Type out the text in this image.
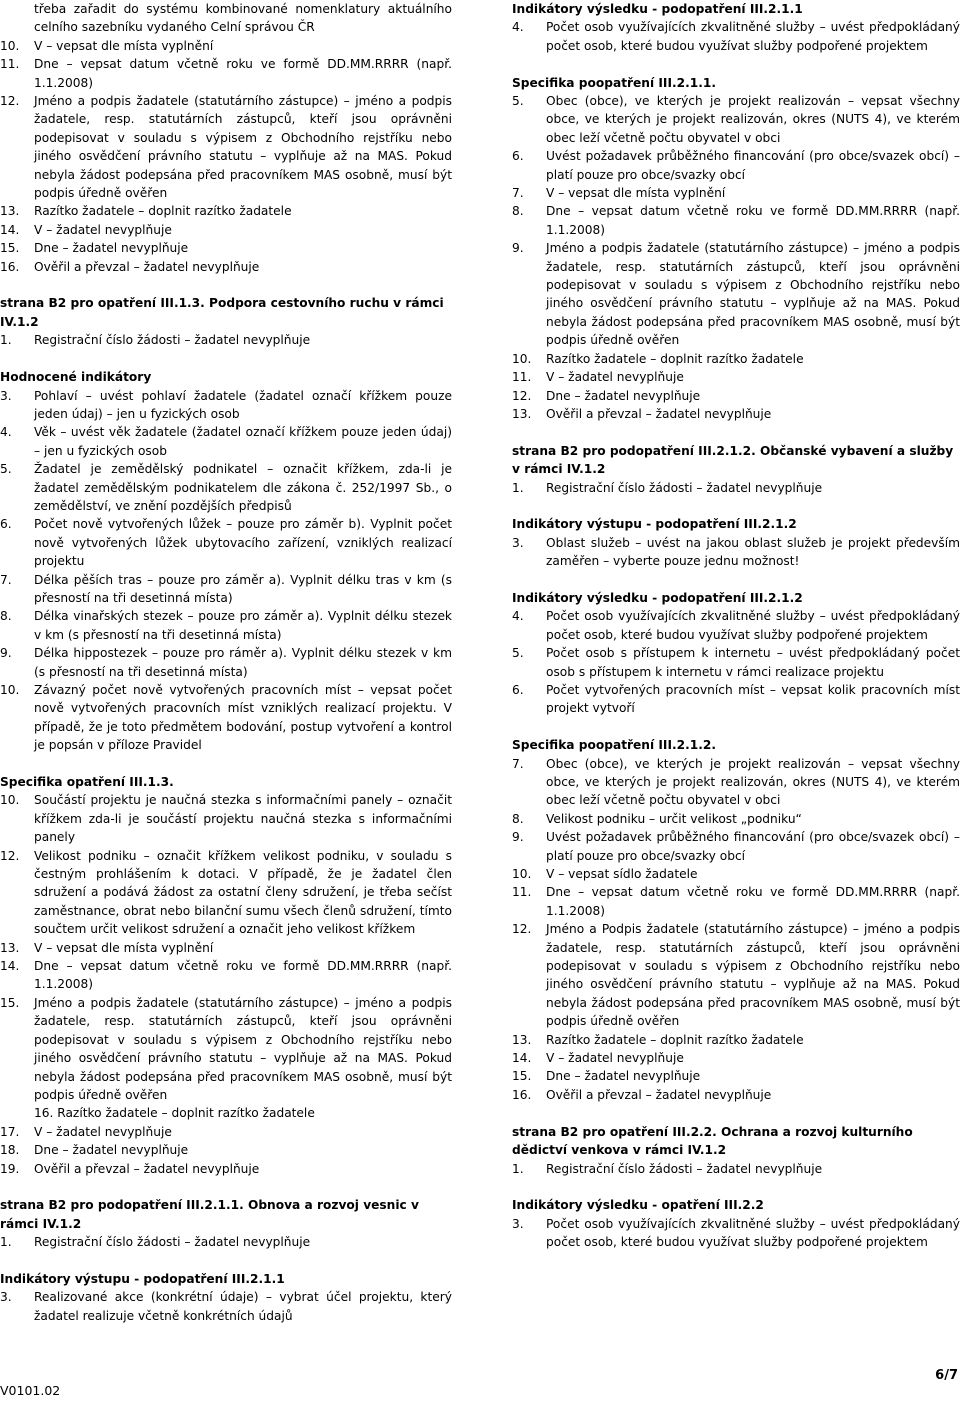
třeba zařadit do systému kombinované nomenklatury aktuálního celního sazebníku vydaného Celní správou ČR
10.	V – vepsat dle místa vyplnění
11.	Dne – vepsat datum včetně roku ve formě DD.MM.RRRR (např. 1.1.2008)
12.	Jméno a podpis žadatele (statutárního zástupce) – jméno a podpis žadatele, resp. statutárních zástupců, kteří jsou oprávněni podepisovat v souladu s výpisem z Obchodního rejstříku nebo jiného osvědčení právního statutu – vyplňuje až na MAS. Pokud nebyla žádost podepsána před pracovníkem MAS osobně, musí být podpis úředně ověřen
13.	Razítko žadatele – doplnit razítko žadatele
14.	V – žadatel nevyplňuje
15.	Dne – žadatel nevyplňuje
16.	Ověřil a převzal – žadatel nevyplňuje
strana B2 pro opatření III.1.3. Podpora cestovního ruchu v rámci IV.1.2
1.	Registrační číslo žádosti – žadatel nevyplňuje
Hodnocené indikátory
3.	Pohlaví – uvést pohlaví žadatele (žadatel označí křížkem pouze jeden údaj) – jen u fyzických osob
4.	Věk – uvést věk žadatele (žadatel označí křížkem pouze jeden údaj) – jen u fyzických osob
5.	Žadatel je zemědělský podnikatel – označit křížkem, zda-li je žadatel zemědělským podnikatelem dle zákona č. 252/1997 Sb., o zemědělství, ve znění pozdějších předpisů
6.	Počet nově vytvořených lůžek – pouze pro záměr b). Vyplnit počet nově vytvořených lůžek ubytovacího zařízení, vzniklých realizací projektu
7.	Délka pěších tras – pouze pro záměr a). Vyplnit délku tras v km (s přesností na tři desetinná místa)
8.	Délka vinařských stezek – pouze pro záměr a). Vyplnit délku stezek v km (s přesností na tři desetinná místa)
9.	Délka hippostezek – pouze pro ráměr a). Vyplnit délku stezek v km (s přesností na tři desetinná místa)
10.	Závazný počet nově vytvořených pracovních míst – vepsat počet nově vytvořených pracovních míst vzniklých realizací projektu. V případě, že je toto předmětem bodování, postup vytvoření a kontrol je popsán v příloze Pravidel
Specifika opatření III.1.3.
10.	Součástí projektu je naučná stezka s informačními panely – označit křížkem zda-li je součástí projektu naučná stezka s informačními panely
12.	Velikost podniku – označit křížkem velikost podniku, v souladu s čestným prohlášením k dotaci. V případě, že je žadatel člen sdružení a podává žádost za ostatní členy sdružení, je třeba sečíst zaměstnance, obrat nebo bilanční sumu všech členů sdružení, tímto součtem určit velikost sdružení a označit jeho velikost křížkem
13.	V – vepsat dle místa vyplnění
14.	Dne – vepsat datum včetně roku ve formě DD.MM.RRRR (např. 1.1.2008)
15.	Jméno a podpis žadatele (statutárního zástupce) – jméno a podpis žadatele, resp. statutárních zástupců, kteří jsou oprávněni podepisovat v souladu s výpisem z Obchodního rejstříku nebo jiného osvědčení právního statutu – vyplňuje až na MAS. Pokud nebyla žádost podepsána před pracovníkem MAS osobně, musí být podpis úředně ověřen
16. Razítko žadatele – doplnit razítko žadatele
17.	V – žadatel nevyplňuje
18.	Dne – žadatel nevyplňuje
19.	Ověřil a převzal – žadatel nevyplňuje
strana B2 pro podopatření III.2.1.1. Obnova a rozvoj vesnic v rámci IV.1.2
1.	Registrační číslo žádosti – žadatel nevyplňuje
Indikátory výstupu - podopatření III.2.1.1
3.	Realizované akce (konkrétní údaje) – vybrat účel projektu, který žadatel realizuje včetně konkrétních údajů
Indikátory výsledku - podopatření III.2.1.1
4.	Počet osob využívajících zkvalitněné služby – uvést předpokládaný počet osob, které budou využívat služby podpořené projektem
Specifika poopatření III.2.1.1.
5.	Obec (obce), ve kterých je projekt realizován – vepsat všechny obce, ve kterých je projekt realizován, okres (NUTS 4), ve kterém obec leží včetně počtu obyvatel v obci
6.	Uvést požadavek průběžného financování (pro obce/svazek obcí) – platí pouze pro obce/svazky obcí
7.	V – vepsat dle místa vyplnění
8.	Dne – vepsat datum včetně roku ve formě DD.MM.RRRR (např. 1.1.2008)
9.	Jméno a podpis žadatele (statutárního zástupce) – jméno a podpis žadatele, resp. statutárních zástupců, kteří jsou oprávněni podepisovat v souladu s výpisem z Obchodního rejstříku nebo jiného osvědčení právního statutu – vyplňuje až na MAS. Pokud nebyla žádost podepsána před pracovníkem MAS osobně, musí být podpis úředně ověřen
10.	Razítko žadatele – doplnit razítko žadatele
11.	V – žadatel nevyplňuje
12.	Dne – žadatel nevyplňuje
13.	Ověřil a převzal – žadatel nevyplňuje
strana B2 pro podopatření III.2.1.2. Občanské vybavení a služby v rámci IV.1.2
1.	Registrační číslo žádosti – žadatel nevyplňuje
Indikátory výstupu - podopatření III.2.1.2
3.	Oblast služeb – uvést na jakou oblast služeb je projekt především zaměřen – vyberte pouze jednu možnost!
Indikátory výsledku - podopatření III.2.1.2
4.	Počet osob využívajících zkvalitněné služby – uvést předpokládaný počet osob, které budou využívat služby podpořené projektem
5.	Počet osob s přístupem k internetu – uvést předpokládaný počet osob s přístupem k internetu v rámci realizace projektu
6.	Počet vytvořených pracovních míst – vepsat kolik pracovních míst projekt vytvoří
Specifika poopatření III.2.1.2.
7.	Obec (obce), ve kterých je projekt realizován – vepsat všechny obce, ve kterých je projekt realizován, okres (NUTS 4), ve kterém obec leží včetně počtu obyvatel v obci
8.	Velikost podniku – určit velikost „podniku“
9.	Uvést požadavek průběžného financování (pro obce/svazek obcí) – platí pouze pro obce/svazky obcí
10.	V – vepsat sídlo žadatele
11.	Dne – vepsat datum včetně roku ve formě DD.MM.RRRR (např. 1.1.2008)
12.	Jméno a Podpis žadatele (statutárního zástupce) – jméno a podpis žadatele, resp. statutárních zástupců, kteří jsou oprávněni podepisovat v souladu s výpisem z Obchodního rejstříku nebo jiného osvědčení právního statutu – vyplňuje až na MAS. Pokud nebyla žádost podepsána před pracovníkem MAS osobně, musí být podpis úředně ověřen
13.	Razítko žadatele – doplnit razítko žadatele
14.	V – žadatel nevyplňuje
15.	Dne – žadatel nevyplňuje
16.	Ověřil a převzal – žadatel nevyplňuje
strana B2 pro opatření III.2.2. Ochrana a rozvoj kulturního dědictví venkova v rámci IV.1.2
1.	Registrační číslo žádosti – žadatel nevyplňuje
Indikátory výsledku - opatření III.2.2
3.	Počet osob využívajících zkvalitněné služby – uvést předpokládaný počet osob, které budou využívat služby podpořené projektem
V0101.02
6/7
